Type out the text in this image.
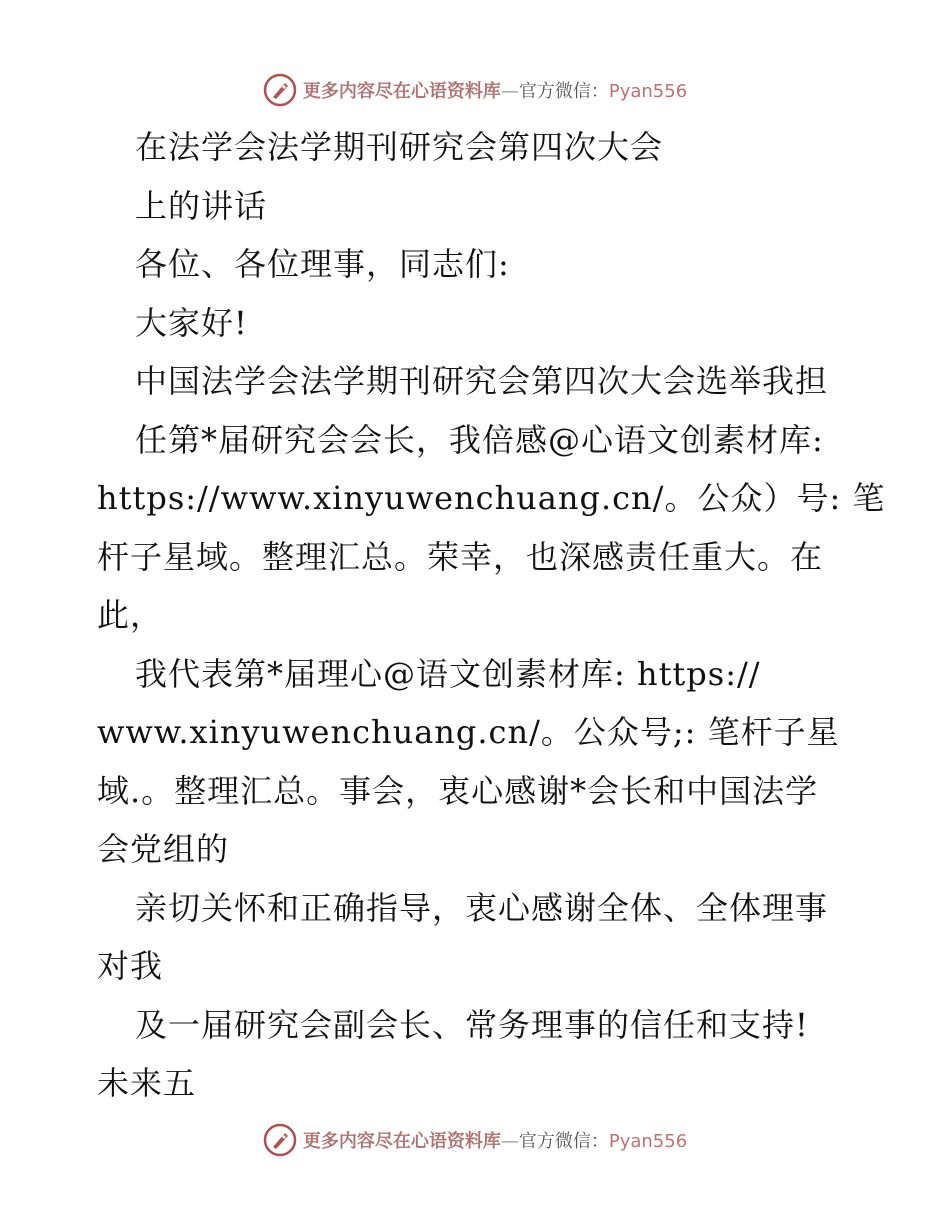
更多内容尽在心语资料库—官方微信：Pyan556
在法学会法学期刊研究会第四次大会
上的讲话
各位、各位理事，同志们:
大家好!
中国法学会法学期刊研究会第四次大会选举我担
任第*届研究会会长，我倍感@心语文创素材库:
https://www.xinyuwenchuang.cn/。公众）号: 笔
杆子星域。整理汇总。荣幸，也深感责任重大。在
此，
我代表第*届理心@语文创素材库: https://
www.xinyuwenchuang.cn/。公众号;: 笔杆子星
域.。整理汇总。事会，衷心感谢*会长和中国法学
会党组的
亲切关怀和正确指导，衷心感谢全体、全体理事
对我
及一届研究会副会长、常务理事的信任和支持!
未来五
更多内容尽在心语资料库—官方微信：Pyan556
